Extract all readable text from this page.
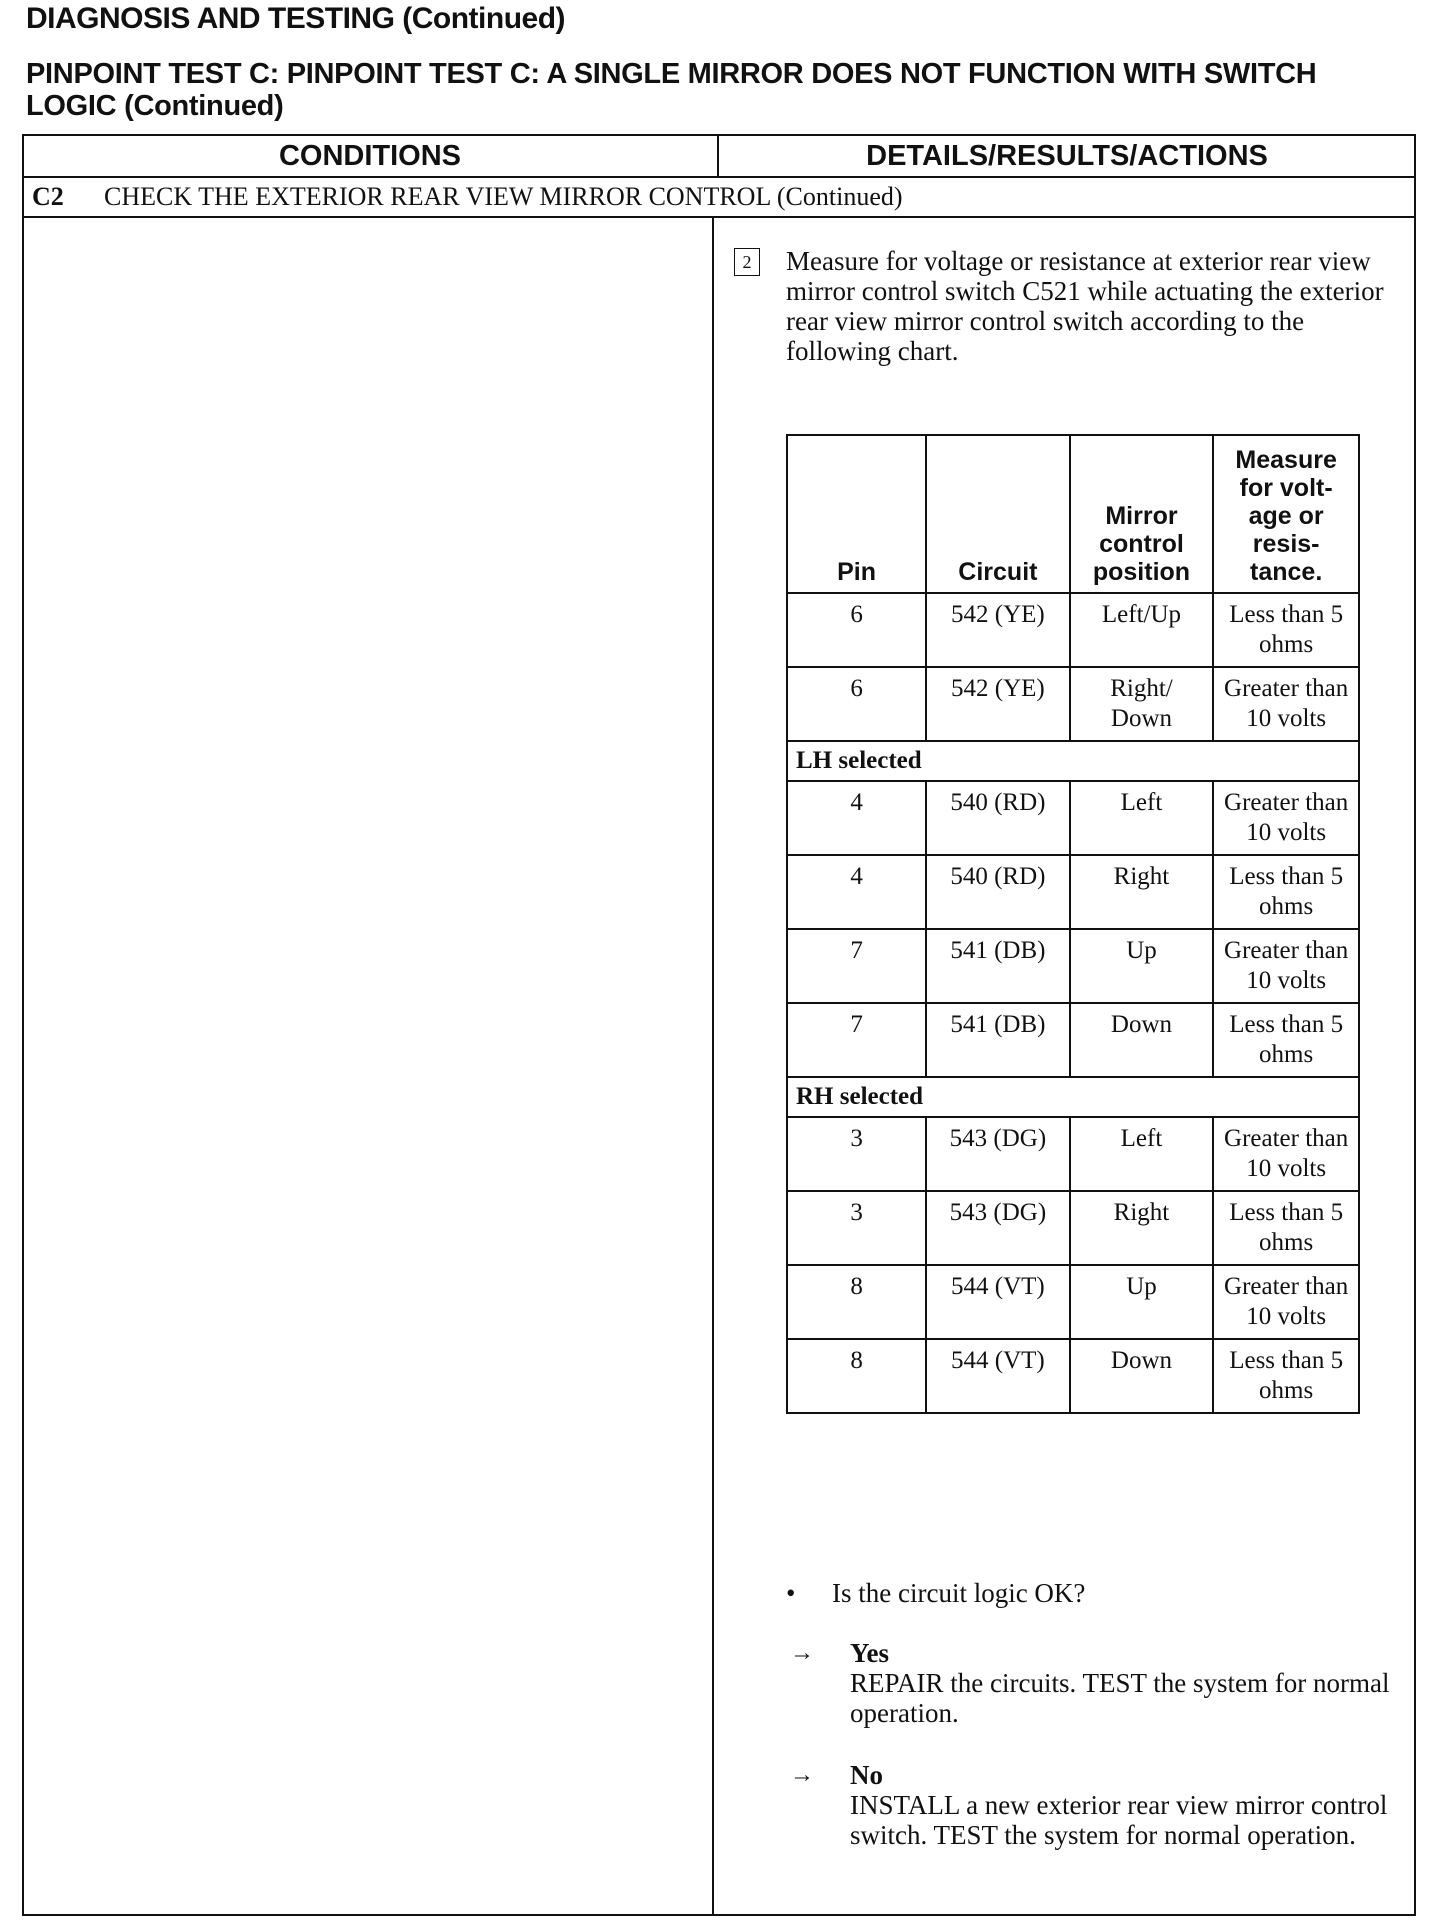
DIAGNOSIS AND TESTING (Continued)
PINPOINT TEST C: PINPOINT TEST C: A SINGLE MIRROR DOES NOT FUNCTION WITH SWITCH LOGIC (Continued)
CONDITIONS	DETAILS/RESULTS/ACTIONS
C2 CHECK THE EXTERIOR REAR VIEW MIRROR CONTROL (Continued)
2	Measure for voltage or resistance at exterior rear view mirror control switch C521 while actuating the exterior rear view mirror control switch according to the following chart.
Pin	Circuit	Mirror control position	Measure for volt-age or resis-tance.
6	542 (YE)	Left/Up	Less than 5 ohms
6	542 (YE)	Right/ Down	Greater than 10 volts
LH selected			
4	540 (RD)	Left	Greater than 10 volts
4	540 (RD)	Right	Less than 5 ohms
7	541 (DB)	Up	Greater than 10 volts
7	541 (DB)	Down	Less than 5 ohms
RH selected			
3	543 (DG)	Left	Greater than 10 volts
3	543 (DG)	Right	Less than 5 ohms
8	544 (VT)	Up	Greater than 10 volts
8	544 (VT)	Down	Less than 5 ohms
• Is the circuit logic OK?
→ Yes
REPAIR the circuits. TEST the system for normal operation.
→ No
INSTALL a new exterior rear view mirror control switch. TEST the system for normal operation.
